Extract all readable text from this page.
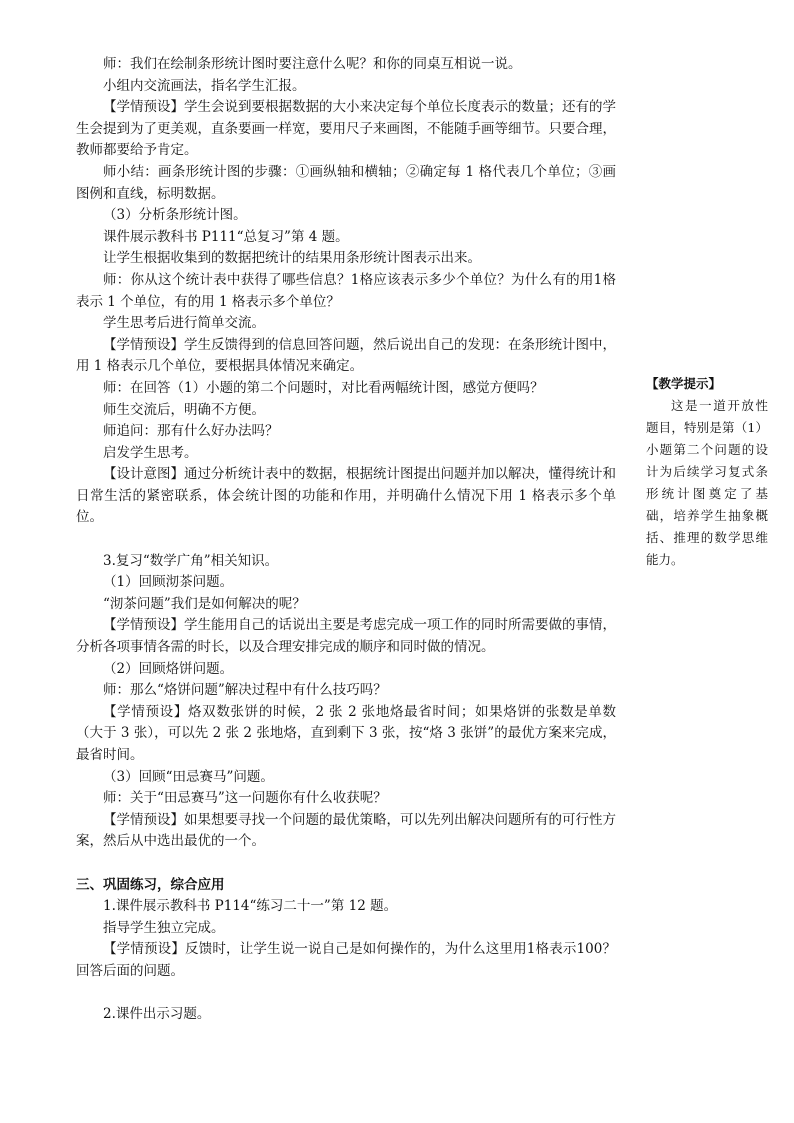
师：我们在绘制条形统计图时要注意什么呢？和你的同桌互相说一说。

小组内交流画法，指名学生汇报。

【学情预设】学生会说到要根据数据的大小来决定每个单位长度表示的数量；还有的学生会提到为了更美观，直条要画一样宽，要用尺子来画图，不能随手画等细节。只要合理，教师都要给予肯定。

师小结：画条形统计图的步骤：①画纵轴和横轴；②确定每 1 格代表几个单位；③画图例和直线，标明数据。

（3）分析条形统计图。

课件展示教科书 P111“总复习”第 4 题。

让学生根据收集到的数据把统计的结果用条形统计图表示出来。

师：你从这个统计表中获得了哪些信息？1格应该表示多少个单位？为什么有的用1格表示 1 个单位，有的用 1 格表示多个单位？

学生思考后进行简单交流。

【学情预设】学生反馈得到的信息回答问题，然后说出自己的发现：在条形统计图中，用 1 格表示几个单位，要根据具体情况来确定。

师：在回答（1）小题的第二个问题时，对比看两幅统计图，感觉方便吗？

师生交流后，明确不方便。

师追问：那有什么好办法吗？

启发学生思考。

【设计意图】通过分析统计表中的数据，根据统计图提出问题并加以解决，懂得统计和日常生活的紧密联系，体会统计图的功能和作用，并明确什么情况下用 1 格表示多个单位。

3.复习“数学广角”相关知识。

（1）回顾沏茶问题。

“沏茶问题”我们是如何解决的呢？

【学情预设】学生能用自己的话说出主要是考虑完成一项工作的同时所需要做的事情，分析各项事情各需的时长，以及合理安排完成的顺序和同时做的情况。

（2）回顾烙饼问题。

师：那么“烙饼问题”解决过程中有什么技巧吗？

【学情预设】烙双数张饼的时候，2 张 2 张地烙最省时间；如果烙饼的张数是单数（大于 3 张），可以先 2 张 2 张地烙，直到剩下 3 张，按“烙 3 张饼”的最优方案来完成，最省时间。

（3）回顾“田忌赛马”问题。

师：关于“田忌赛马”这一问题你有什么收获呢？

【学情预设】如果想要寻找一个问题的最优策略，可以先列出解决问题所有的可行性方案，然后从中选出最优的一个。

三、巩固练习，综合应用

1.课件展示教科书 P114“练习二十一”第 12 题。

指导学生独立完成。

【学情预设】反馈时，让学生说一说自己是如何操作的，为什么这里用1格表示100？回答后面的问题。

2.课件出示习题。

【教学提示】
这是一道开放性题目，特别是第（1）小题第二个问题的设计为后续学习复式条形统计图奠定了基础，培养学生抽象概括、推理的数学思维能力。
